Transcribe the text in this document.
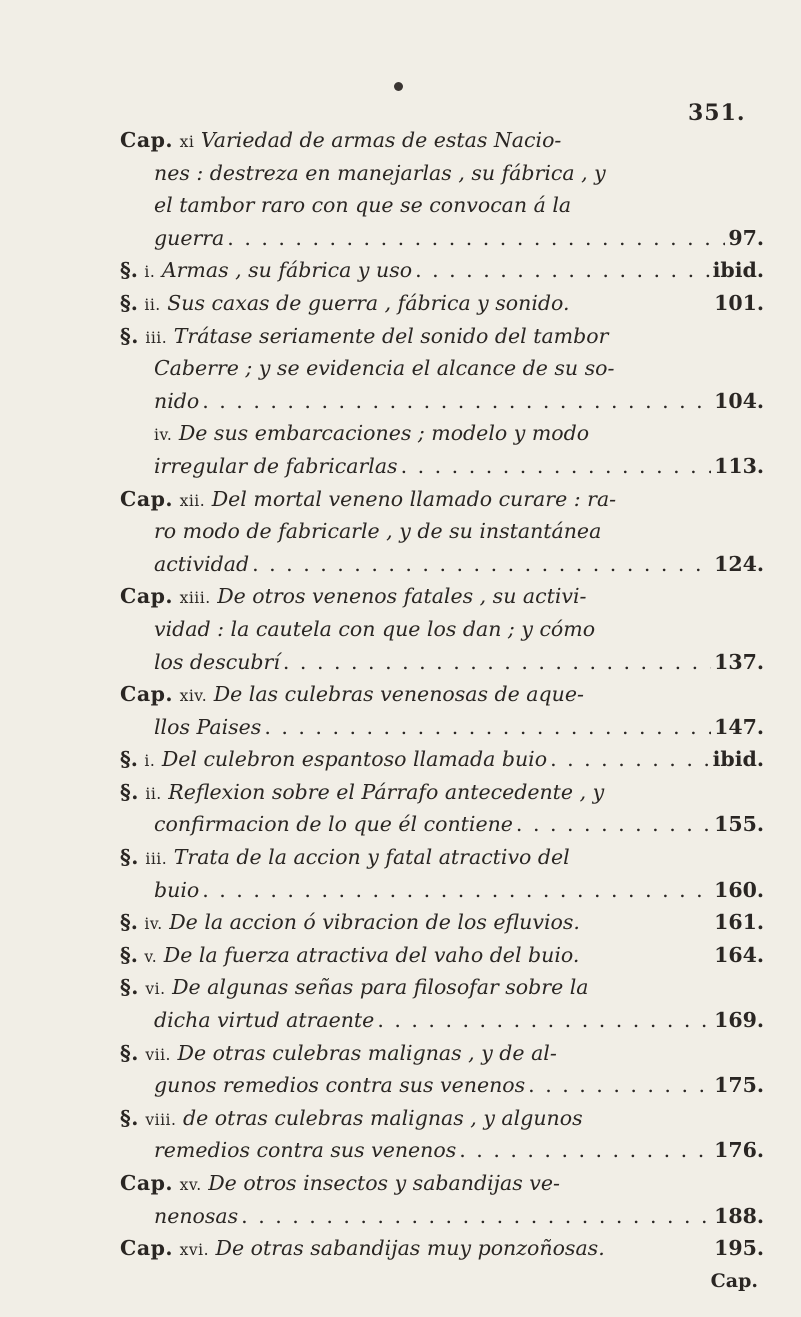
351.
Cap. xi Variedad de armas de estas Nacio-
nes : destreza en manejarlas , su fábrica , y
el tambor raro con que se convocan á la
guerra . . .	97.
§. i. Armas , su fábrica y uso . . .	ibid.
§. ii. Sus caxas de guerra , fábrica y sonido.	101.
§. iii. Trátase seriamente del sonido del tambor
Caberre ; y se evidencia el alcance de su so-
nido . . .	104.
iv. De sus embarcaciones ; modelo y modo
irregular de fabricarlas . . .	113.
Cap. xii. Del mortal veneno llamado curare : ra-
ro modo de fabricarle , y de su instantánea
actividad . . .	124.
Cap. xiii. De otros venenos fatales , su activi-
vidad : la cautela con que los dan ; y cómo
los descubrí . . .	137.
Cap. xiv. De las culebras venenosas de aque-
llos Paises . . .	147.
§. i. Del culebron espantoso llamada buio . . .	ibid.
§. ii. Reflexion sobre el Párrafo antecedente , y
confirmacion de lo que él contiene . . .	155.
§. iii. Trata de la accion y fatal atractivo del
buio . . .	160.
§. iv. De la accion ó vibracion de los efluvios.	161.
§. v. De la fuerza atractiva del vaho del buio.	164.
§. vi. De algunas señas para filosofar sobre la
dicha virtud atraente . . .	169.
§. vii. De otras culebras malignas , y de al-
gunos remedios contra sus venenos . . .	175.
§. viii. de otras culebras malignas , y algunos
remedios contra sus venenos . . .	176.
Cap. xv. De otros insectos y sabandijas ve-
nenosas . . .	188.
Cap. xvi. De otras sabandijas muy ponzoñosas.	195.
Cap.
